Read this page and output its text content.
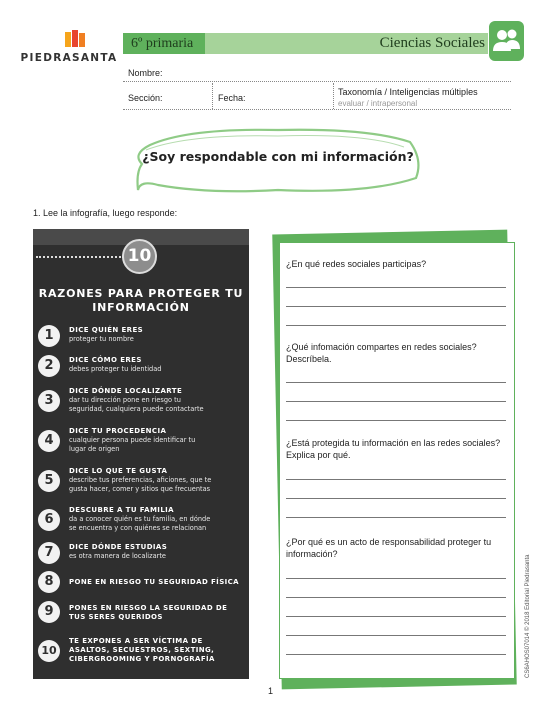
PIEDRASANTA
6º primaria	Ciencias Sociales
Nombre:
Sección:	Fecha:
Taxonomía / Inteligencias múltiples
evaluar / intrapersonal
¿Soy respondable con mi información?
1. Lee la infografía, luego responde:
10
RAZONES PARA PROTEGER TU
INFORMACIÓN
1	DICE QUIÉN ERES
proteger tu nombre
2	DICE CÓMO ERES
debes proteger tu identidad
3
DICE DÓNDE LOCALIZARTE
dar tu dirección pone en riesgo tu
seguridad, cualquiera puede contactarte
4
DICE TU PROCEDENCIA
cualquier persona puede identificar tu
lugar de origen
5
DICE LO QUE TE GUSTA
describe tus preferencias, aficiones, que te
gusta hacer, comer y sitios que frecuentas
6
DESCUBRE A TU FAMILIA
da a conocer quién es tu familia, en dónde
se encuentra y con quiénes se relacionan
7	DICE DÓNDE ESTUDIAS
es otra manera de localizarte
8	PONE EN RIESGO TU SEGURIDAD FÍSICA
9	PONES EN RIESGO LA SEGURIDAD DE
TUS SERES QUERIDOS
10
TE EXPONES A SER VÍCTIMA DE
ASALTOS, SECUESTROS, SEXTING,
CIBERGROOMING Y PORNOGRAFÍA
¿En qué redes sociales participas?
¿Qué infomación compartes en redes sociales?
Descríbela.
¿Está protegida tu información en las redes sociales?
Explica por qué.
¿Por qué es un acto de responsabilidad proteger tu
información?
CS6AHOS07014 © 2018 Editorial Piedrasanta
1
